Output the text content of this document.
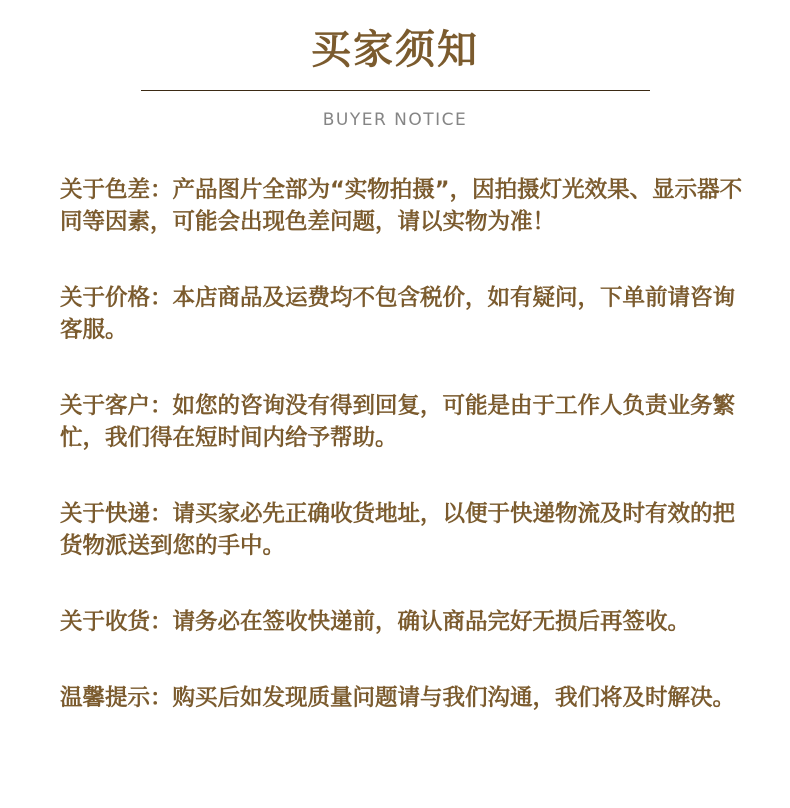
买家须知
BUYER NOTICE

关于色差：产品图片全部为“实物拍摄”，因拍摄灯光效果、显示器不同等因素，可能会出现色差问题，请以实物为准！

关于价格：本店商品及运费均不包含税价，如有疑问，下单前请咨询客服。

关于客户：如您的咨询没有得到回复，可能是由于工作人负责业务繁忙，我们得在短时间内给予帮助。

关于快递：请买家必先正确收货地址，以便于快递物流及时有效的把货物派送到您的手中。

关于收货：请务必在签收快递前，确认商品完好无损后再签收。

温馨提示：购买后如发现质量问题请与我们沟通，我们将及时解决。
